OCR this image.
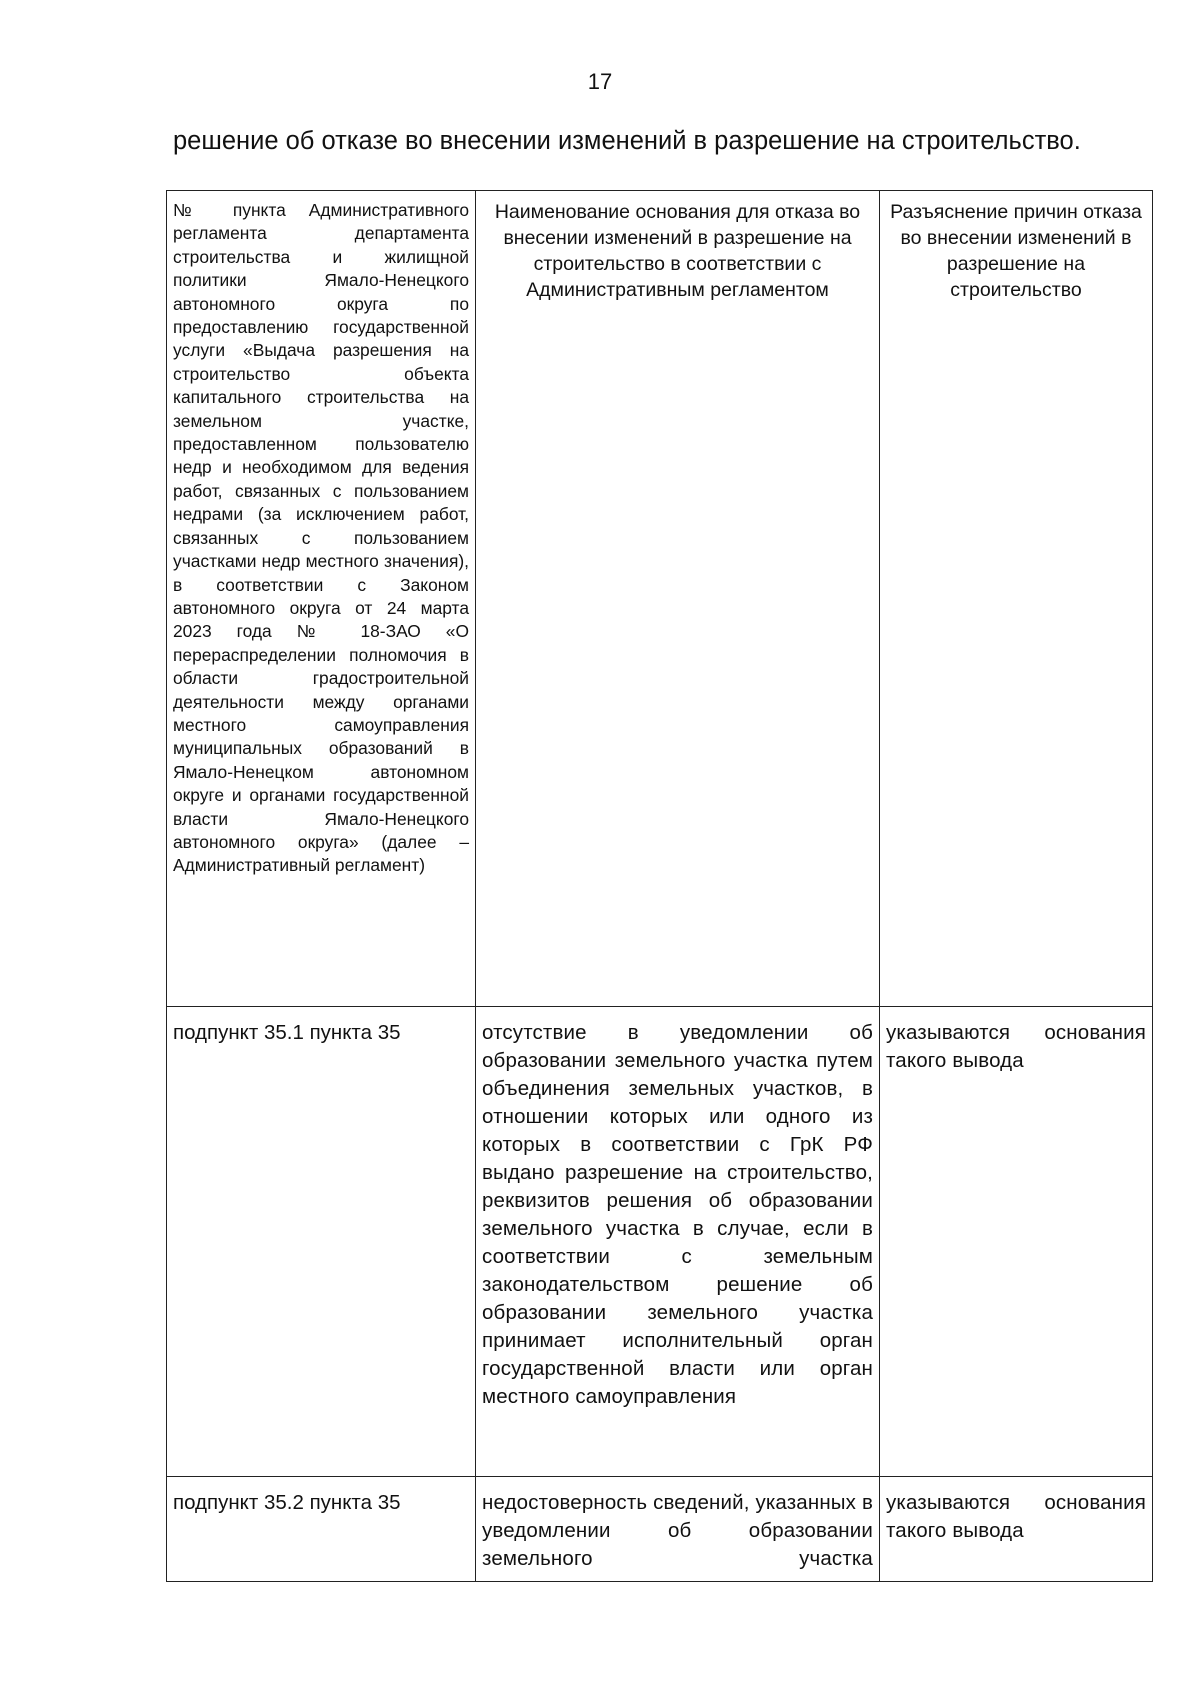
17

решение об отказе во внесении изменений в разрешение на строительство.

№ пункта Административного регламента департамента строительства и жилищной политики Ямало-Ненецкого автономного округа по предоставлению государственной услуги «Выдача разрешения на строительство объекта капитального строительства на земельном участке, предоставленном пользователю недр и необходимом для ведения работ, связанных с пользованием недрами (за исключением работ, связанных с пользованием участками недр местного значения), в соответствии с Законом автономного округа от 24 марта 2023 года № 18-ЗАО «О перераспределении полномочия в области градостроительной деятельности между органами местного самоуправления муниципальных образований в Ямало-Ненецком автономном округе и органами государственной власти Ямало-Ненецкого автономного округа» (далее – Административный регламент)	Наименование основания для отказа во внесении изменений в разрешение на строительство в соответствии с Административным регламентом	Разъяснение причин отказа во внесении изменений в разрешение на строительство

подпункт 35.1 пункта 35	отсутствие в уведомлении об образовании земельного участка путем объединения земельных участков, в отношении которых или одного из которых в соответствии с ГрК РФ выдано разрешение на строительство, реквизитов решения об образовании земельного участка в случае, если в соответствии с земельным законодательством решение об образовании земельного участка принимает исполнительный орган государственной власти или орган местного самоуправления	указываются основания такого вывода

подпункт 35.2 пункта 35	недостоверность сведений, указанных в уведомлении об образовании земельного участка	указываются основания такого вывода
